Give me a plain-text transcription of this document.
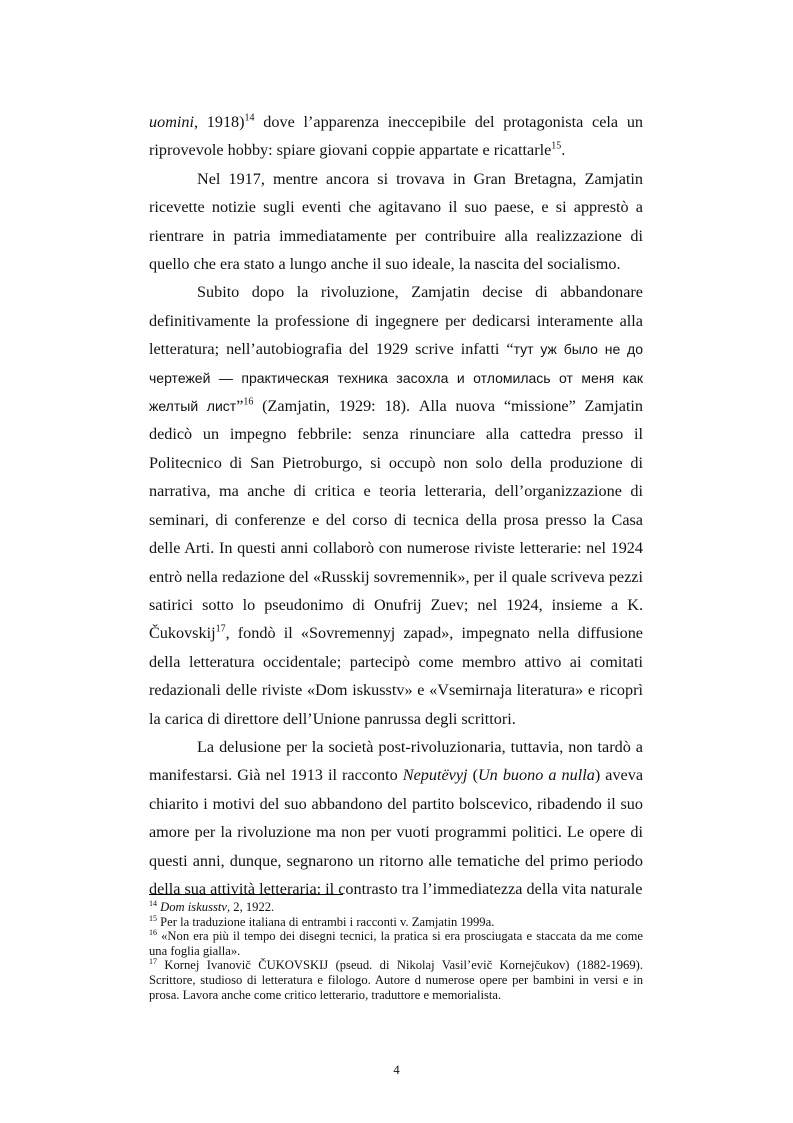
uomini, 1918)$^{14}$ dove l’apparenza ineccepibile del protagonista cela un riprovevole hobby: spiare giovani coppie appartate e ricattarle$^{15}$.

Nel 1917, mentre ancora si trovava in Gran Bretagna, Zamjatin ricevette notizie sugli eventi che agitavano il suo paese, e si apprestò a rientrare in patria immediatamente per contribuire alla realizzazione di quello che era stato a lungo anche il suo ideale, la nascita del socialismo.

Subito dopo la rivoluzione, Zamjatin decise di abbandonare definitivamente la professione di ingegnere per dedicarsi interamente alla letteratura; nell’autobiografia del 1929 scrive infatti “тут уж было не до чертежей — практическая техника засохла и отломилась от меня как желтый лист”$^{16}$ (Zamjatin, 1929: 18). Alla nuova “missione” Zamjatin dedicò un impegno febbrile: senza rinunciare alla cattedra presso il Politecnico di San Pietroburgo, si occupò non solo della produzione di narrativa, ma anche di critica e teoria letteraria, dell’organizzazione di seminari, di conferenze e del corso di tecnica della prosa presso la Casa delle Arti. In questi anni collaborò con numerose riviste letterarie: nel 1924 entrò nella redazione del «Russkij sovremennik», per il quale scriveva pezzi satirici sotto lo pseudonimo di Onufrij Zuev; nel 1924, insieme a K. Čukovskij$^{17}$, fondò il «Sovremennyj zapad», impegnato nella diffusione della letteratura occidentale; partecipò come membro attivo ai comitati redazionali delle riviste «Dom iskusstv» e «Vsemirnaja literatura» e ricoprì la carica di direttore dell’Unione panrussa degli scrittori.

La delusione per la società post-rivoluzionaria, tuttavia, non tardò a manifestarsi. Già nel 1913 il racconto Neputëvyj (Un buono a nulla) aveva chiarito i motivi del suo abbandono del partito bolscevico, ribadendo il suo amore per la rivoluzione ma non per vuoti programmi politici. Le opere di questi anni, dunque, segnarono un ritorno alle tematiche del primo periodo della sua attività letteraria: il contrasto tra l’immediatezza della vita naturale

$^{14}$ Dom iskusstv, 2, 1922.

$^{15}$ Per la traduzione italiana di entrambi i racconti v. Zamjatin 1999a.

$^{16}$ «Non era più il tempo dei disegni tecnici, la pratica si era prosciugata e staccata da me come una foglia gialla».

$^{17}$ Kornej Ivanovič ČUKOVSKIJ (pseud. di Nikolaj Vasil’evič Kornejčukov) (1882-1969). Scrittore, studioso di letteratura e filologo. Autore d numerose opere per bambini in versi e in prosa. Lavora anche come critico letterario, traduttore e memorialista.

4
